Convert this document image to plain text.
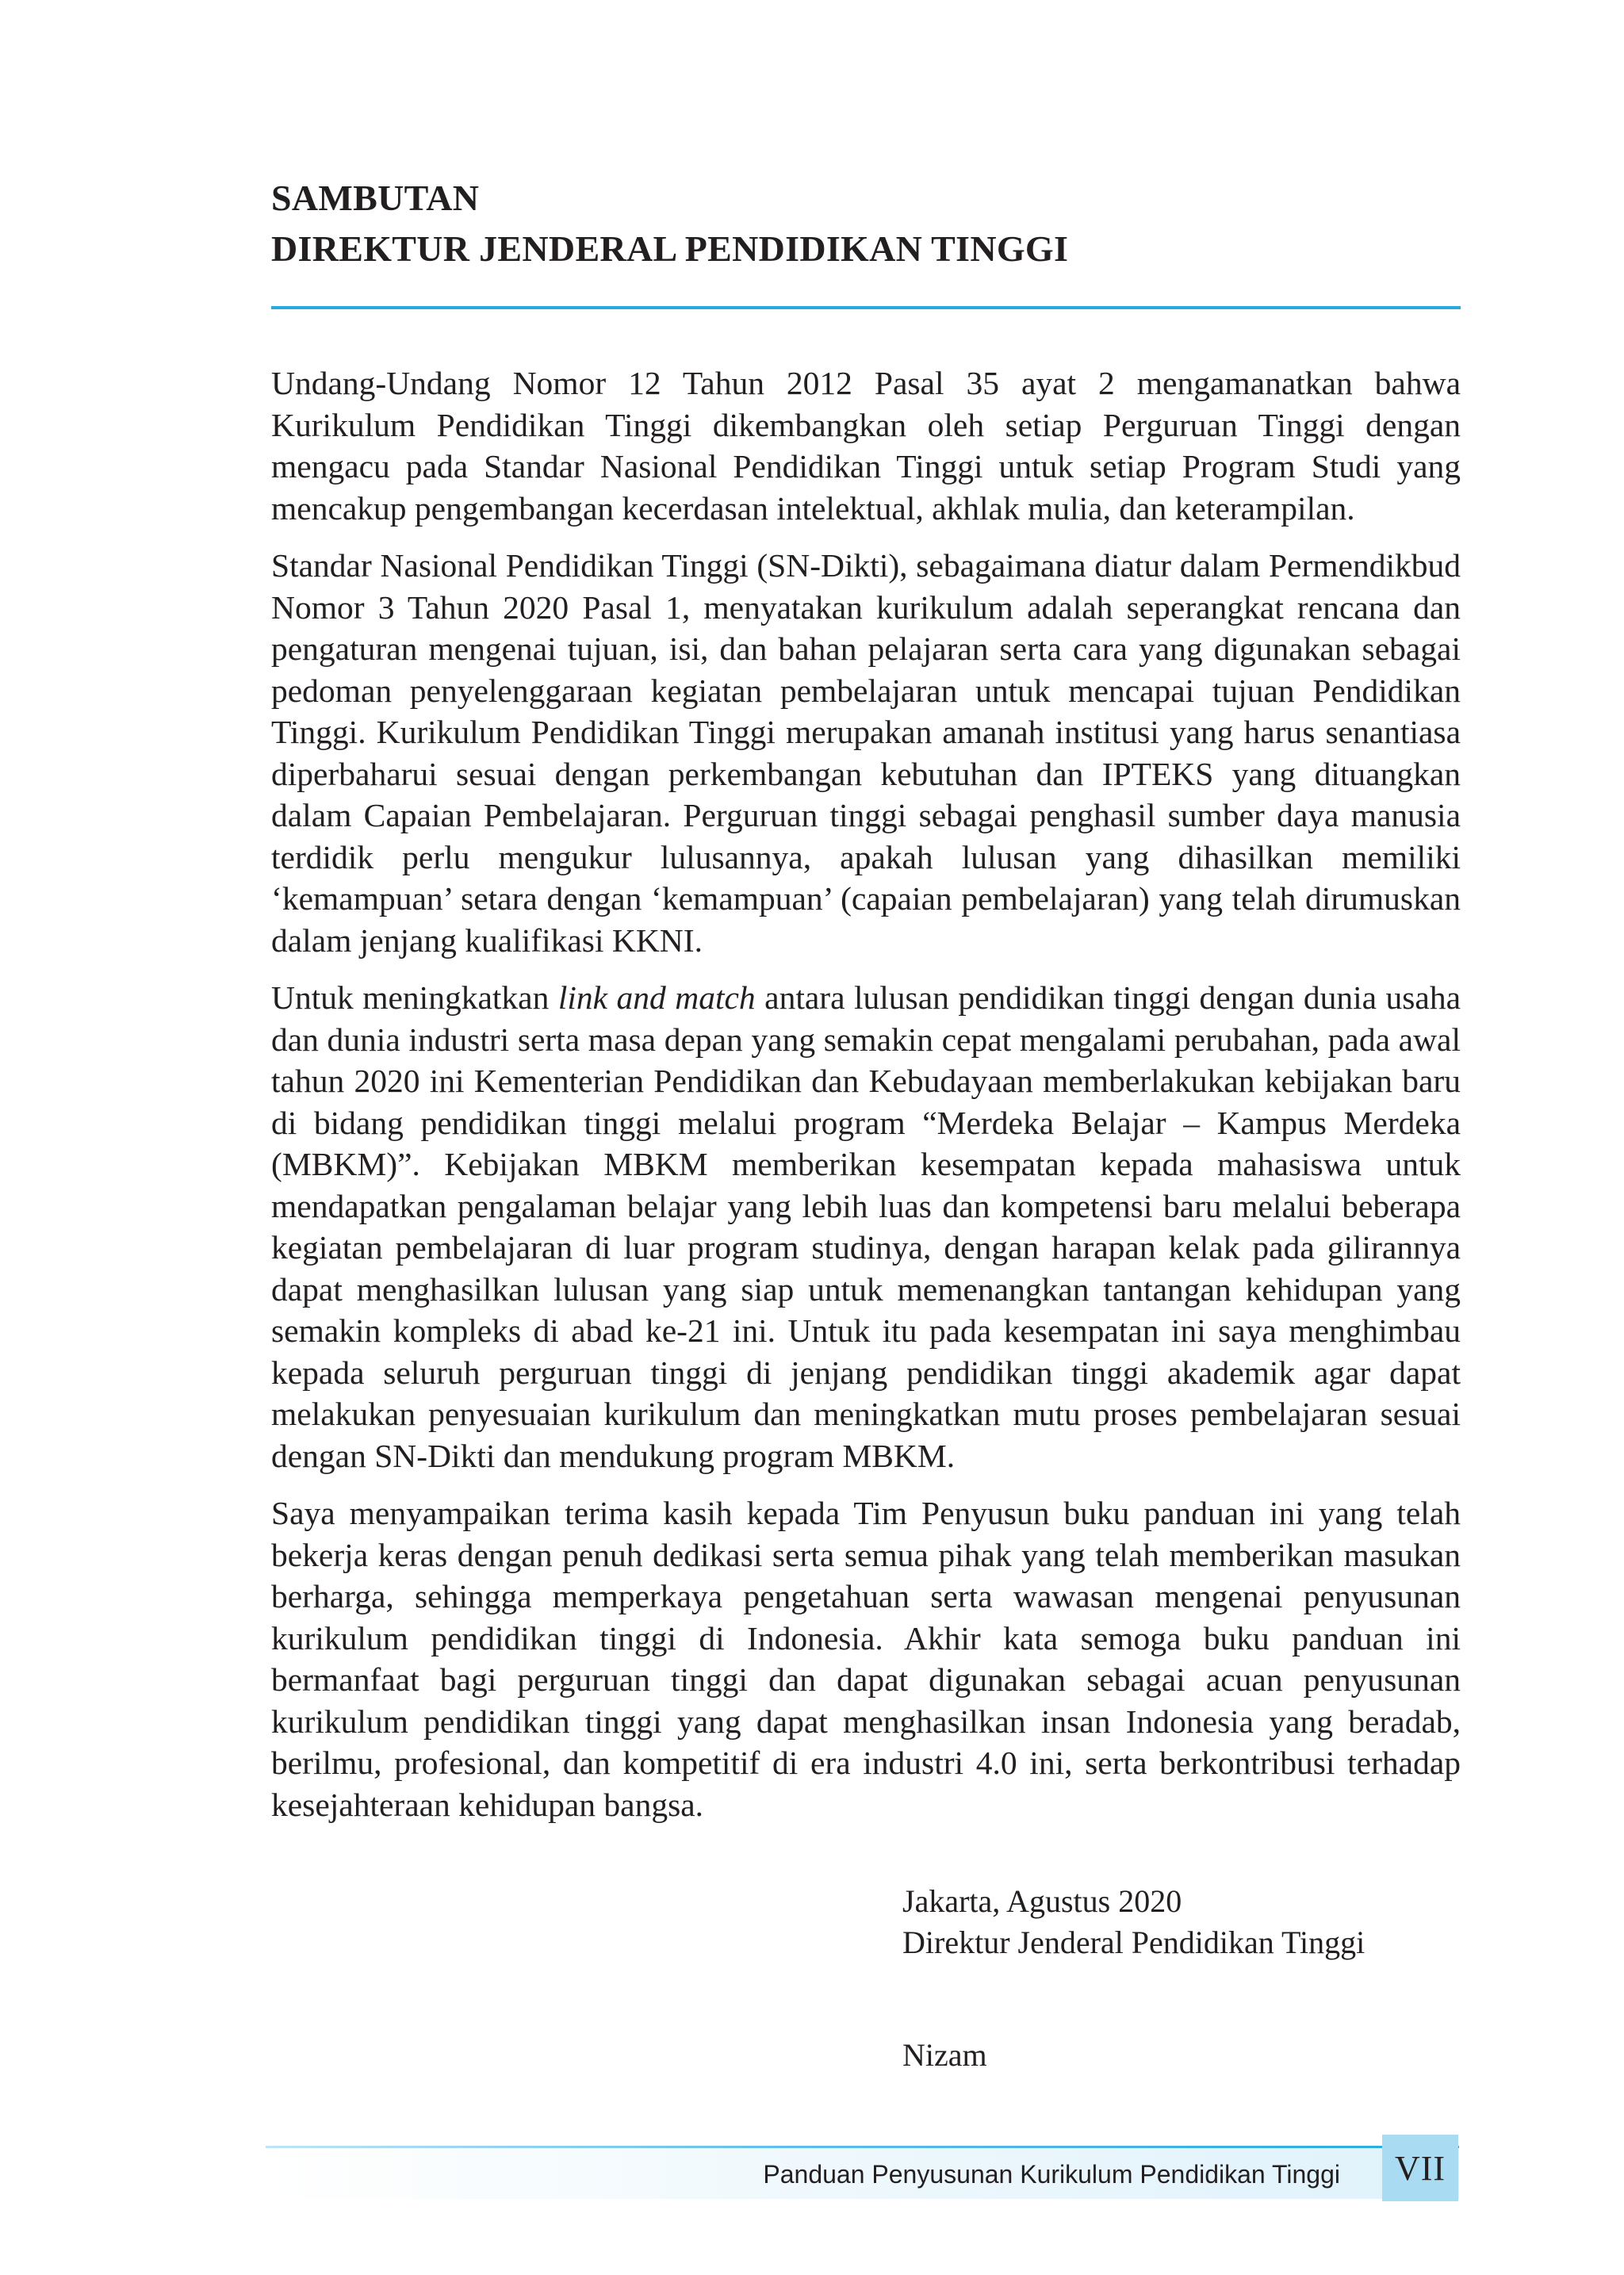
SAMBUTAN

DIREKTUR JENDERAL PENDIDIKAN TINGGI

Undang-Undang Nomor 12 Tahun 2012 Pasal 35 ayat 2 mengamanatkan bahwa Kurikulum Pendidikan Tinggi dikembangkan oleh setiap Perguruan Tinggi dengan mengacu pada Standar Nasional Pendidikan Tinggi untuk setiap Program Studi yang mencakup pengembangan kecerdasan intelektual, akhlak mulia, dan keterampilan.

Standar Nasional Pendidikan Tinggi (SN-Dikti), sebagaimana diatur dalam Permendikbud Nomor 3 Tahun 2020 Pasal 1, menyatakan kurikulum adalah seperangkat rencana dan pengaturan mengenai tujuan, isi, dan bahan pelajaran serta cara yang digunakan sebagai pedoman penyelenggaraan kegiatan pembelajaran untuk mencapai tujuan Pendidikan Tinggi. Kurikulum Pendidikan Tinggi merupakan amanah institusi yang harus senantiasa diperbaharui sesuai dengan perkembangan kebutuhan dan IPTEKS yang dituangkan dalam Capaian Pembelajaran. Perguruan tinggi sebagai penghasil sumber daya manusia terdidik perlu mengukur lulusannya, apakah lulusan yang dihasilkan memiliki ‘kemampuan’ setara dengan ‘kemampuan’ (capaian pembelajaran) yang telah dirumuskan dalam jenjang kualifikasi KKNI.

Untuk meningkatkan link and match antara lulusan pendidikan tinggi dengan dunia usaha dan dunia industri serta masa depan yang semakin cepat mengalami perubahan, pada awal tahun 2020 ini Kementerian Pendidikan dan Kebudayaan memberlakukan kebijakan baru di bidang pendidikan tinggi melalui program “Merdeka Belajar – Kampus Merdeka (MBKM)”. Kebijakan MBKM memberikan kesempatan kepada mahasiswa untuk mendapatkan pengalaman belajar yang lebih luas dan kompetensi baru melalui beberapa kegiatan pembelajaran di luar program studinya, dengan harapan kelak pada gilirannya dapat menghasilkan lulusan yang siap untuk memenangkan tantangan kehidupan yang semakin kompleks di abad ke-21 ini. Untuk itu pada kesempatan ini saya menghimbau kepada seluruh perguruan tinggi di jenjang pendidikan tinggi akademik agar dapat melakukan penyesuaian kurikulum dan meningkatkan mutu proses pembelajaran sesuai dengan SN-Dikti dan mendukung program MBKM.

Saya menyampaikan terima kasih kepada Tim Penyusun buku panduan ini yang telah bekerja keras dengan penuh dedikasi serta semua pihak yang telah memberikan masukan berharga, sehingga memperkaya pengetahuan serta wawasan mengenai penyusunan kurikulum pendidikan tinggi di Indonesia. Akhir kata semoga buku panduan ini bermanfaat bagi perguruan tinggi dan dapat digunakan sebagai acuan penyusunan kurikulum pendidikan tinggi yang dapat menghasilkan insan Indonesia yang beradab, berilmu, profesional, dan kompetitif di era industri 4.0 ini, serta berkontribusi terhadap kesejahteraan kehidupan bangsa.

Jakarta, Agustus 2020

Direktur Jenderal Pendidikan Tinggi

Nizam

Panduan Penyusunan Kurikulum Pendidikan Tinggi VII
